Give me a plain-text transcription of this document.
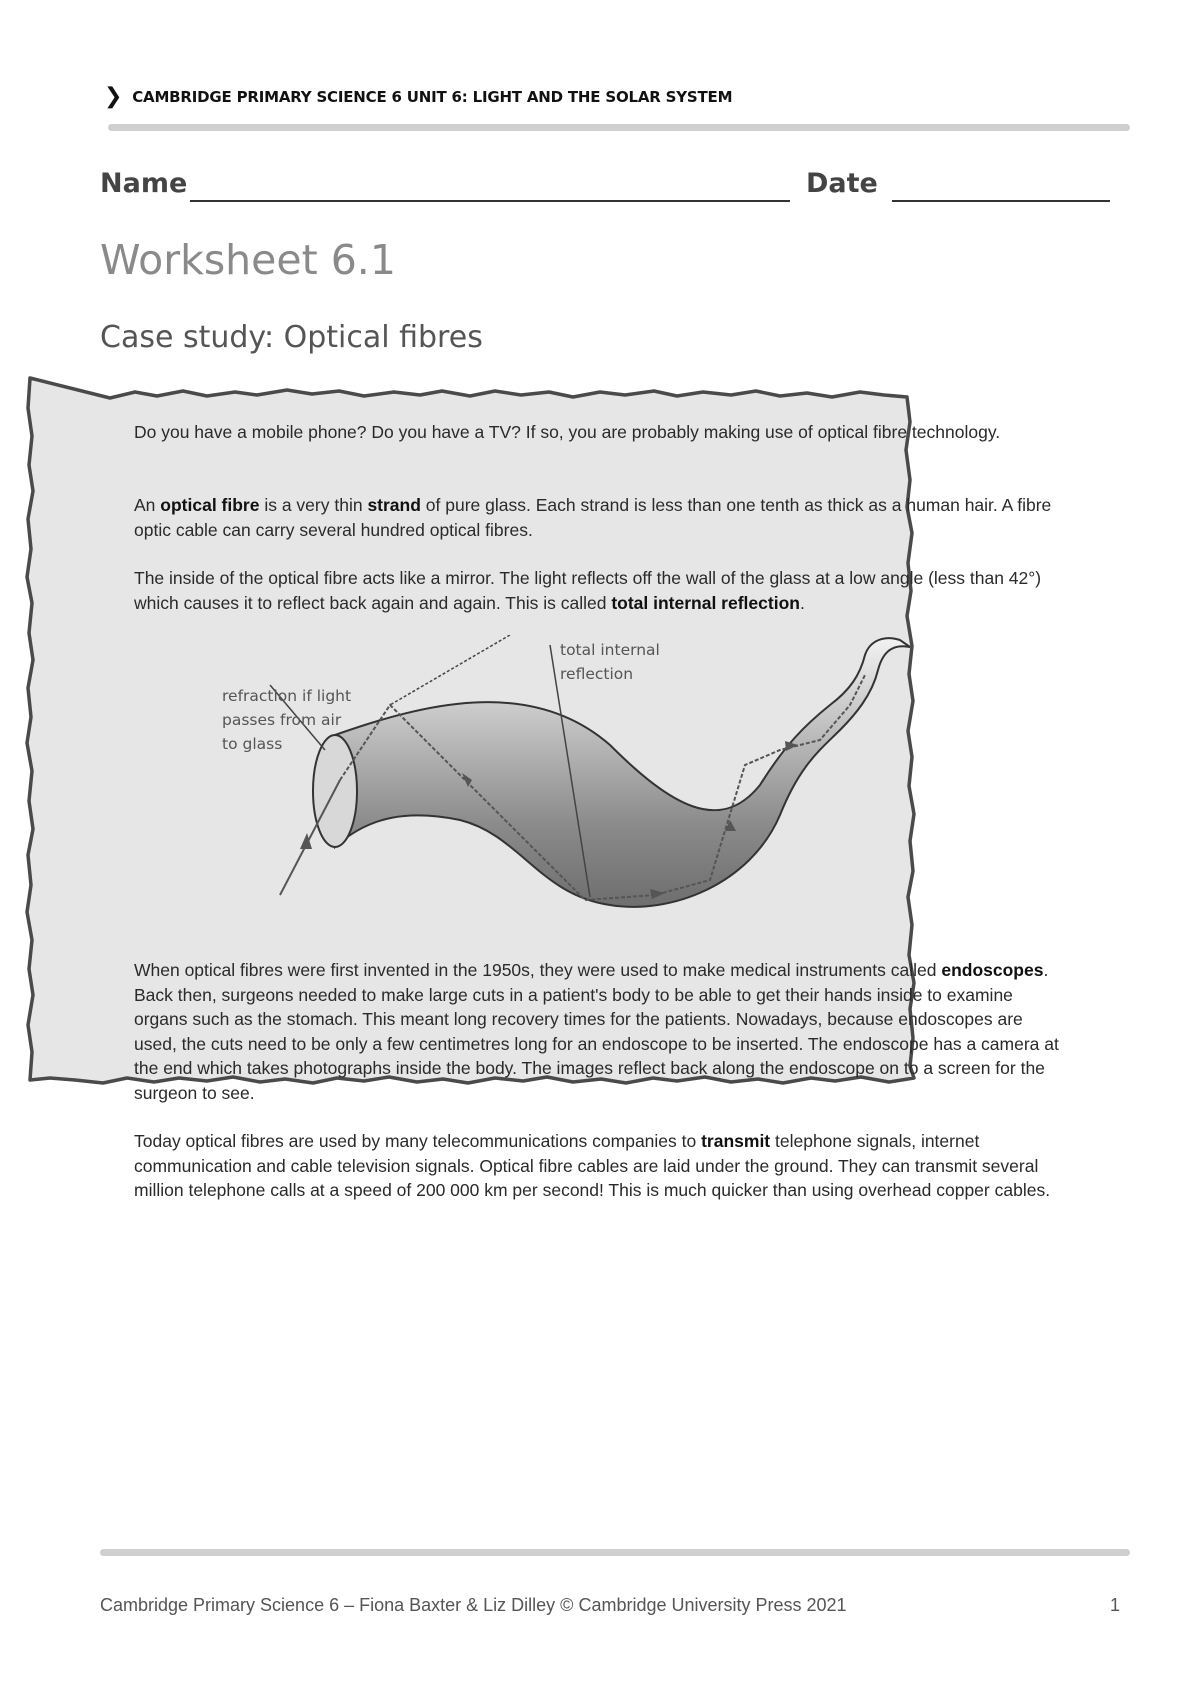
❯ CAMBRIDGE PRIMARY SCIENCE 6 UNIT 6: LIGHT AND THE SOLAR SYSTEM
Name	Date
Worksheet 6.1
Case study: Optical fibres
Do you have a mobile phone? Do you have a TV? If so, you are probably making use of optical fibre technology.
An optical fibre is a very thin strand of pure glass. Each strand is less than one tenth as thick as a human hair. A fibre optic cable can carry several hundred optical fibres.
The inside of the optical fibre acts like a mirror. The light reflects off the wall of the glass at a low angle (less than 42°) which causes it to reflect back again and again. This is called total internal reflection.
refraction if light
passes from air
to glass
total internal
reflection
When optical fibres were first invented in the 1950s, they were used to make medical instruments called endoscopes. Back then, surgeons needed to make large cuts in a patient's body to be able to get their hands inside to examine organs such as the stomach. This meant long recovery times for the patients. Nowadays, because endoscopes are used, the cuts need to be only a few centimetres long for an endoscope to be inserted. The endoscope has a camera at the end which takes photographs inside the body. The images reflect back along the endoscope on to a screen for the surgeon to see.
Today optical fibres are used by many telecommunications companies to transmit telephone signals, internet communication and cable television signals. Optical fibre cables are laid under the ground. They can transmit several million telephone calls at a speed of 200 000 km per second! This is much quicker than using overhead copper cables.
Cambridge Primary Science 6 – Fiona Baxter & Liz Dilley © Cambridge University Press 2021	1
